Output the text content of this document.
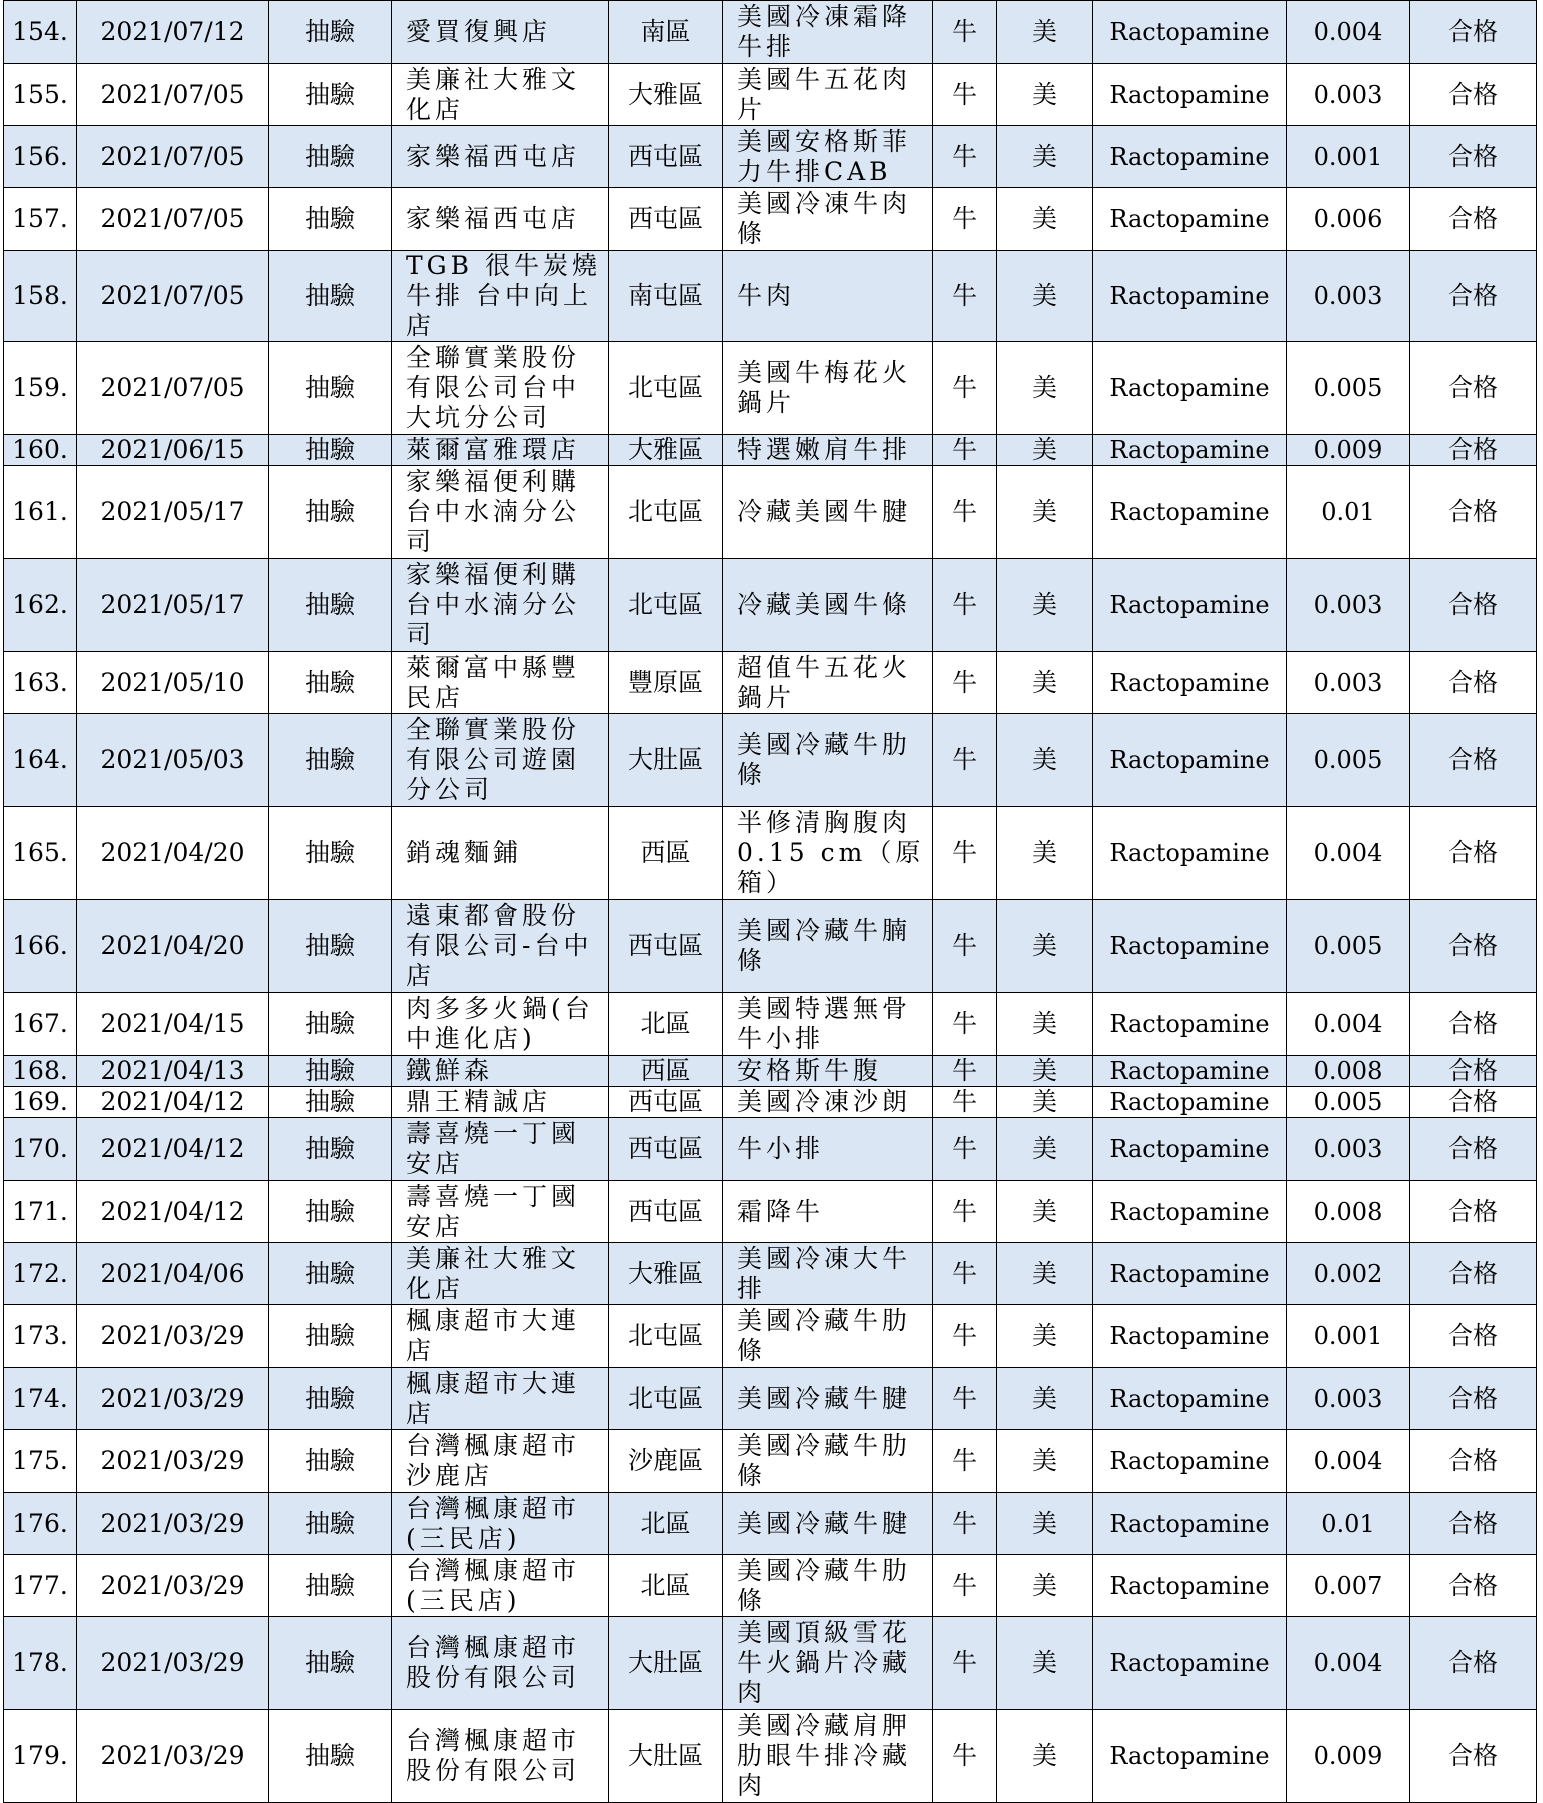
154.	2021/07/12	抽驗	愛買復興店	南區	美國冷凍霜降牛排	牛	美	Ractopamine	0.004	合格
155.	2021/07/05	抽驗	美廉社大雅文化店	大雅區	美國牛五花肉片	牛	美	Ractopamine	0.003	合格
156.	2021/07/05	抽驗	家樂福西屯店	西屯區	美國安格斯菲力牛排CAB	牛	美	Ractopamine	0.001	合格
157.	2021/07/05	抽驗	家樂福西屯店	西屯區	美國冷凍牛肉條	牛	美	Ractopamine	0.006	合格
158.	2021/07/05	抽驗	TGB 很牛炭燒牛排 台中向上店	南屯區	牛肉	牛	美	Ractopamine	0.003	合格
159.	2021/07/05	抽驗	全聯實業股份有限公司台中大坑分公司	北屯區	美國牛梅花火鍋片	牛	美	Ractopamine	0.005	合格
160.	2021/06/15	抽驗	萊爾富雅環店	大雅區	特選嫩肩牛排	牛	美	Ractopamine	0.009	合格
161.	2021/05/17	抽驗	家樂福便利購台中水湳分公司	北屯區	冷藏美國牛腱	牛	美	Ractopamine	0.01	合格
162.	2021/05/17	抽驗	家樂福便利購台中水湳分公司	北屯區	冷藏美國牛條	牛	美	Ractopamine	0.003	合格
163.	2021/05/10	抽驗	萊爾富中縣豐民店	豐原區	超值牛五花火鍋片	牛	美	Ractopamine	0.003	合格
164.	2021/05/03	抽驗	全聯實業股份有限公司遊園分公司	大肚區	美國冷藏牛肋條	牛	美	Ractopamine	0.005	合格
165.	2021/04/20	抽驗	銷魂麵鋪	西區	半修清胸腹肉 0.15 cm（原箱）	牛	美	Ractopamine	0.004	合格
166.	2021/04/20	抽驗	遠東都會股份有限公司-台中店	西屯區	美國冷藏牛腩條	牛	美	Ractopamine	0.005	合格
167.	2021/04/15	抽驗	肉多多火鍋(台中進化店)	北區	美國特選無骨牛小排	牛	美	Ractopamine	0.004	合格
168.	2021/04/13	抽驗	鐵鮮森	西區	安格斯牛腹	牛	美	Ractopamine	0.008	合格
169.	2021/04/12	抽驗	鼎王精誠店	西屯區	美國冷凍沙朗	牛	美	Ractopamine	0.005	合格
170.	2021/04/12	抽驗	壽喜燒一丁國安店	西屯區	牛小排	牛	美	Ractopamine	0.003	合格
171.	2021/04/12	抽驗	壽喜燒一丁國安店	西屯區	霜降牛	牛	美	Ractopamine	0.008	合格
172.	2021/04/06	抽驗	美廉社大雅文化店	大雅區	美國冷凍大牛排	牛	美	Ractopamine	0.002	合格
173.	2021/03/29	抽驗	楓康超市大連店	北屯區	美國冷藏牛肋條	牛	美	Ractopamine	0.001	合格
174.	2021/03/29	抽驗	楓康超市大連店	北屯區	美國冷藏牛腱	牛	美	Ractopamine	0.003	合格
175.	2021/03/29	抽驗	台灣楓康超市沙鹿店	沙鹿區	美國冷藏牛肋條	牛	美	Ractopamine	0.004	合格
176.	2021/03/29	抽驗	台灣楓康超市(三民店)	北區	美國冷藏牛腱	牛	美	Ractopamine	0.01	合格
177.	2021/03/29	抽驗	台灣楓康超市(三民店)	北區	美國冷藏牛肋條	牛	美	Ractopamine	0.007	合格
178.	2021/03/29	抽驗	台灣楓康超市股份有限公司	大肚區	美國頂級雪花牛火鍋片冷藏肉	牛	美	Ractopamine	0.004	合格
179.	2021/03/29	抽驗	台灣楓康超市股份有限公司	大肚區	美國冷藏肩胛肋眼牛排冷藏肉	牛	美	Ractopamine	0.009	合格
